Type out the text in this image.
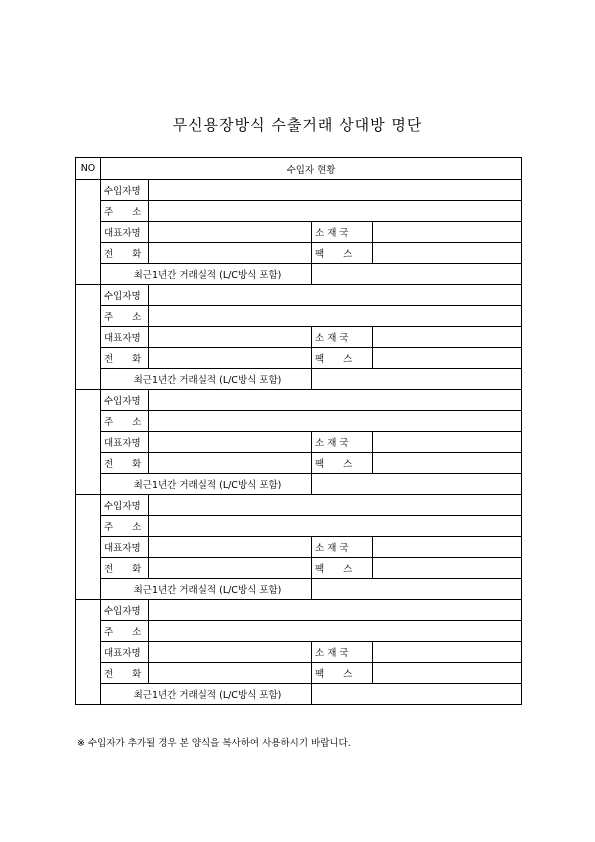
무신용장방식 수출거래 상대방 명단
NO	수입자 현황			
	수입자명			
	주　　소			
	대표자명		소 재 국	
	전　　화		팩　　스	
	최근1년간 거래실적 (L/C방식 포함)			
	수입자명			
	주　　소			
	대표자명		소 재 국	
	전　　화		팩　　스	
	최근1년간 거래실적 (L/C방식 포함)			
	수입자명			
	주　　소			
	대표자명		소 재 국	
	전　　화		팩　　스	
	최근1년간 거래실적 (L/C방식 포함)			
	수입자명			
	주　　소			
	대표자명		소 재 국	
	전　　화		팩　　스	
	최근1년간 거래실적 (L/C방식 포함)			
	수입자명			
	주　　소			
	대표자명		소 재 국	
	전　　화		팩　　스	
	최근1년간 거래실적 (L/C방식 포함)			
※ 수입자가 추가될 경우 본 양식을 복사하여 사용하시기 바랍니다.
